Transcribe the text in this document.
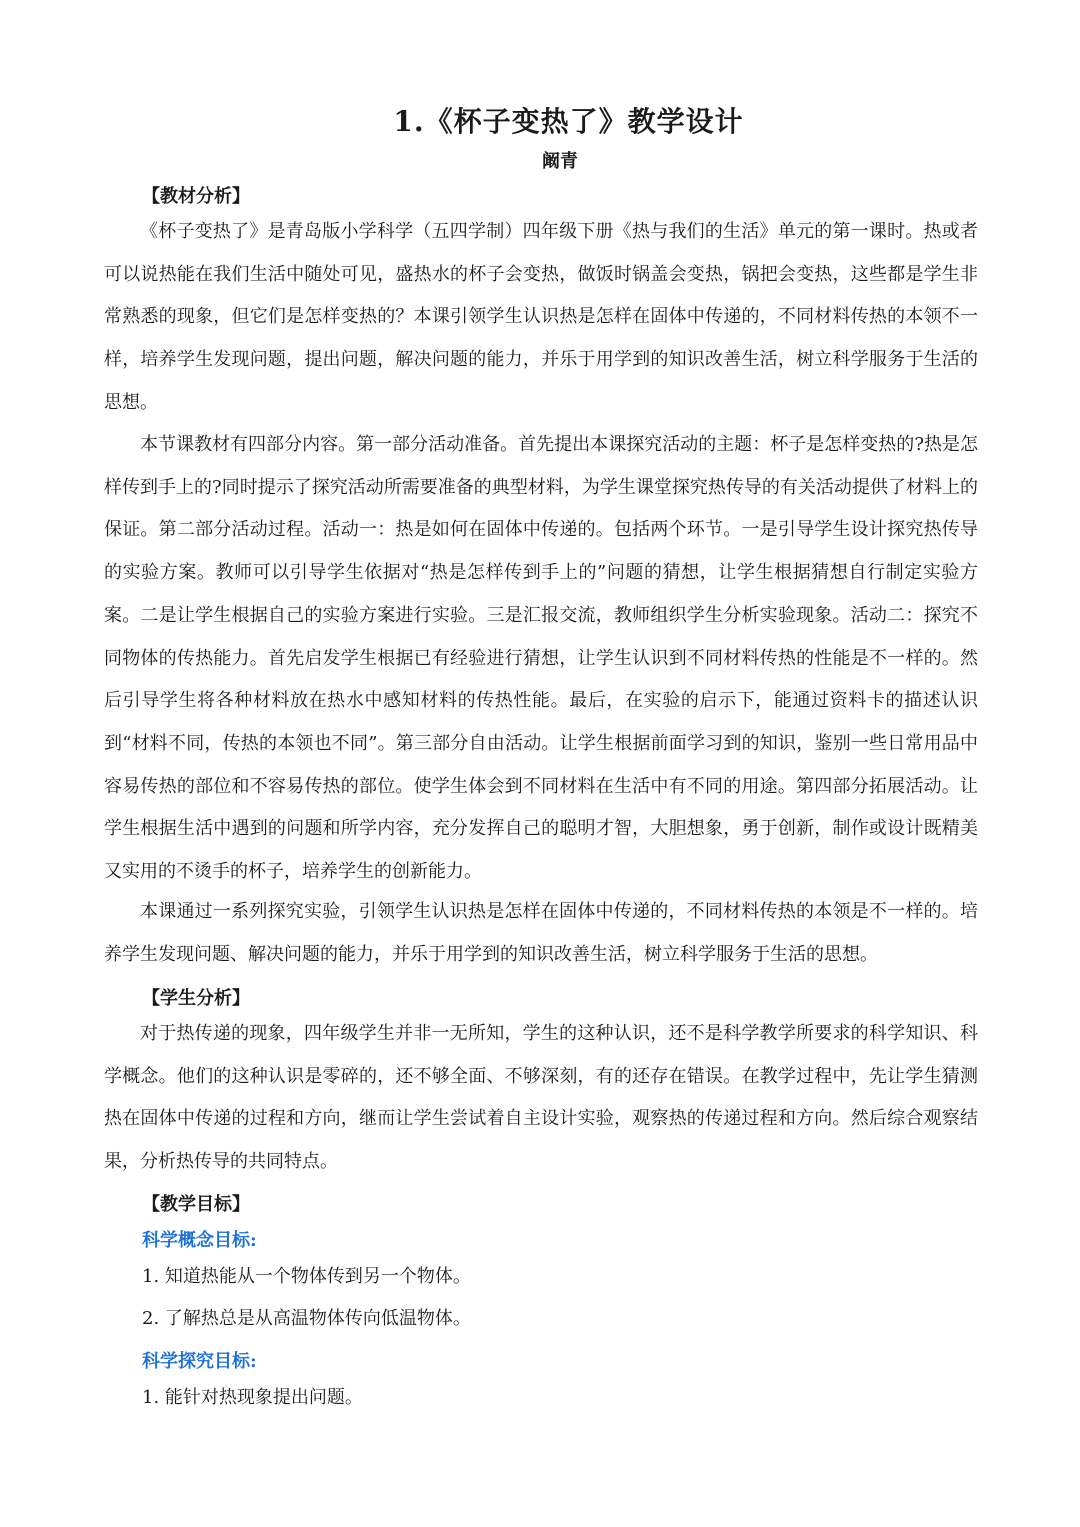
1.《杯子变热了》教学设计
阚青
【教材分析】

《杯子变热了》是青岛版小学科学（五四学制）四年级下册《热与我们的生活》单元的第一课时。热或者可以说热能在我们生活中随处可见，盛热水的杯子会变热，做饭时锅盖会变热，锅把会变热，这些都是学生非常熟悉的现象，但它们是怎样变热的？本课引领学生认识热是怎样在固体中传递的，不同材料传热的本领不一样，培养学生发现问题，提出问题，解决问题的能力，并乐于用学到的知识改善生活，树立科学服务于生活的思想。

本节课教材有四部分内容。第一部分活动准备。首先提出本课探究活动的主题：杯子是怎样变热的?热是怎样传到手上的?同时提示了探究活动所需要准备的典型材料，为学生课堂探究热传导的有关活动提供了材料上的保证。第二部分活动过程。活动一：热是如何在固体中传递的。包括两个环节。一是引导学生设计探究热传导的实验方案。教师可以引导学生依据对“热是怎样传到手上的”问题的猜想，让学生根据猜想自行制定实验方案。二是让学生根据自己的实验方案进行实验。三是汇报交流，教师组织学生分析实验现象。活动二：探究不同物体的传热能力。首先启发学生根据已有经验进行猜想，让学生认识到不同材料传热的性能是不一样的。然后引导学生将各种材料放在热水中感知材料的传热性能。最后，在实验的启示下，能通过资料卡的描述认识到“材料不同，传热的本领也不同”。第三部分自由活动。让学生根据前面学习到的知识，鉴别一些日常用品中容易传热的部位和不容易传热的部位。使学生体会到不同材料在生活中有不同的用途。第四部分拓展活动。让学生根据生活中遇到的问题和所学内容，充分发挥自己的聪明才智，大胆想象，勇于创新，制作或设计既精美又实用的不烫手的杯子，培养学生的创新能力。

本课通过一系列探究实验，引领学生认识热是怎样在固体中传递的，不同材料传热的本领是不一样的。培养学生发现问题、解决问题的能力，并乐于用学到的知识改善生活，树立科学服务于生活的思想。

【学生分析】

对于热传递的现象，四年级学生并非一无所知，学生的这种认识，还不是科学教学所要求的科学知识、科学概念。他们的这种认识是零碎的，还不够全面、不够深刻，有的还存在错误。在教学过程中，先让学生猜测热在固体中传递的过程和方向，继而让学生尝试着自主设计实验，观察热的传递过程和方向。然后综合观察结果，分析热传导的共同特点。

【教学目标】
科学概念目标:
1. 知道热能从一个物体传到另一个物体。
2. 了解热总是从高温物体传向低温物体。
科学探究目标:
1. 能针对热现象提出问题。
